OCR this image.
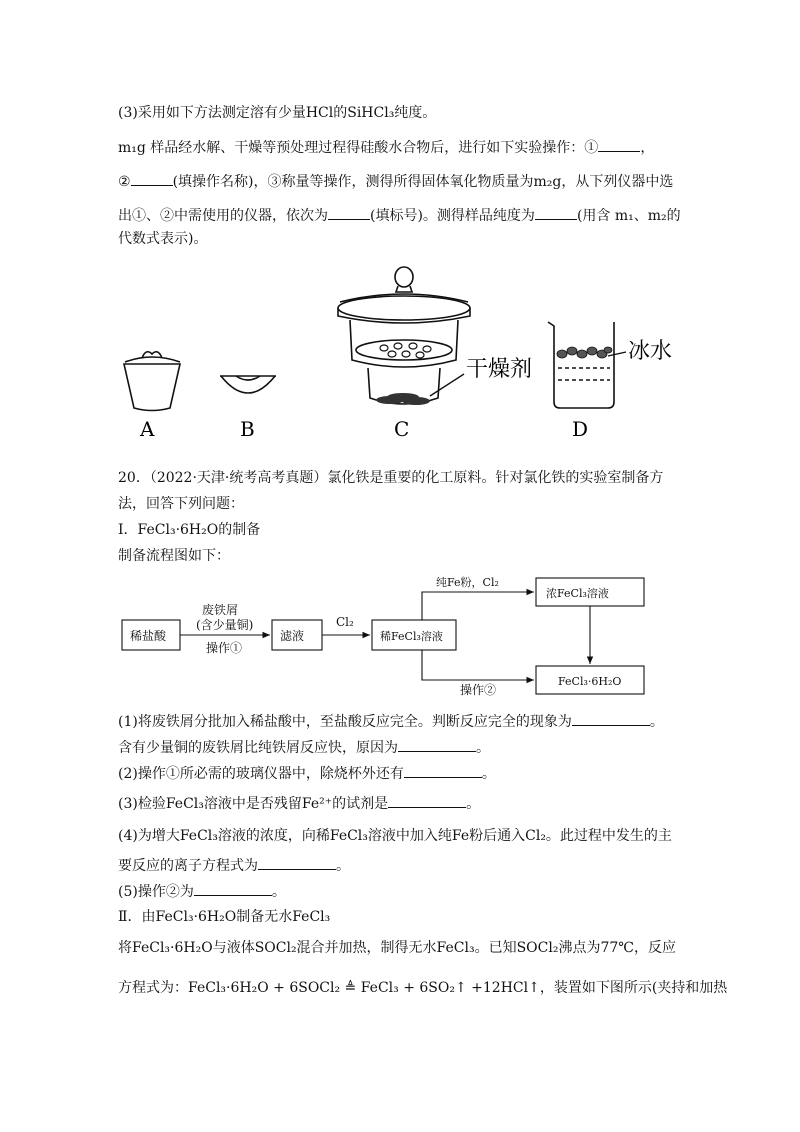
(3)采用如下方法测定溶有少量HCl的SiHCl₃纯度。
m₁g 样品经水解、干燥等预处理过程得硅酸水合物后，进行如下实验操作：①	，
②	(填操作名称)，③称量等操作，测得所得固体氧化物质量为m₂g，从下列仪器中选
出①、②中需使用的仪器，依次为	(填标号)。测得样品纯度为	(用含 m₁、m₂的
代数式表示)。
A	B
干燥剂
C
冰水
D
20．（2022·天津·统考高考真题）氯化铁是重要的化工原料。针对氯化铁的实验室制备方
法，回答下列问题：
Ⅰ．FeCl₃·6H₂O的制备
制备流程图如下：
稀盐酸
废铁屑
(含少量铜)
操作①
滤液
Cl₂
稀FeCl₃溶液
纯Fe粉，Cl₂
浓FeCl₃溶液
操作②
FeCl₃·6H₂O
(1)将废铁屑分批加入稀盐酸中，至盐酸反应完全。判断反应完全的现象为	。
含有少量铜的废铁屑比纯铁屑反应快，原因为	。
(2)操作①所必需的玻璃仪器中，除烧杯外还有	。
(3)检验FeCl₃溶液中是否残留Fe²⁺的试剂是	。
(4)为增大FeCl₃溶液的浓度，向稀FeCl₃溶液中加入纯Fe粉后通入Cl₂。此过程中发生的主
要反应的离子方程式为	。
(5)操作②为	。
Ⅱ．由FeCl₃·6H₂O制备无水FeCl₃
将FeCl₃·6H₂O与液体SOCl₂混合并加热，制得无水FeCl₃。已知SOCl₂沸点为77℃，反应
方程式为：FeCl₃·6H₂O + 6SOCl₂ ≜ FeCl₃ + 6SO₂↑ +12HCl↑，装置如下图所示(夹持和加热
